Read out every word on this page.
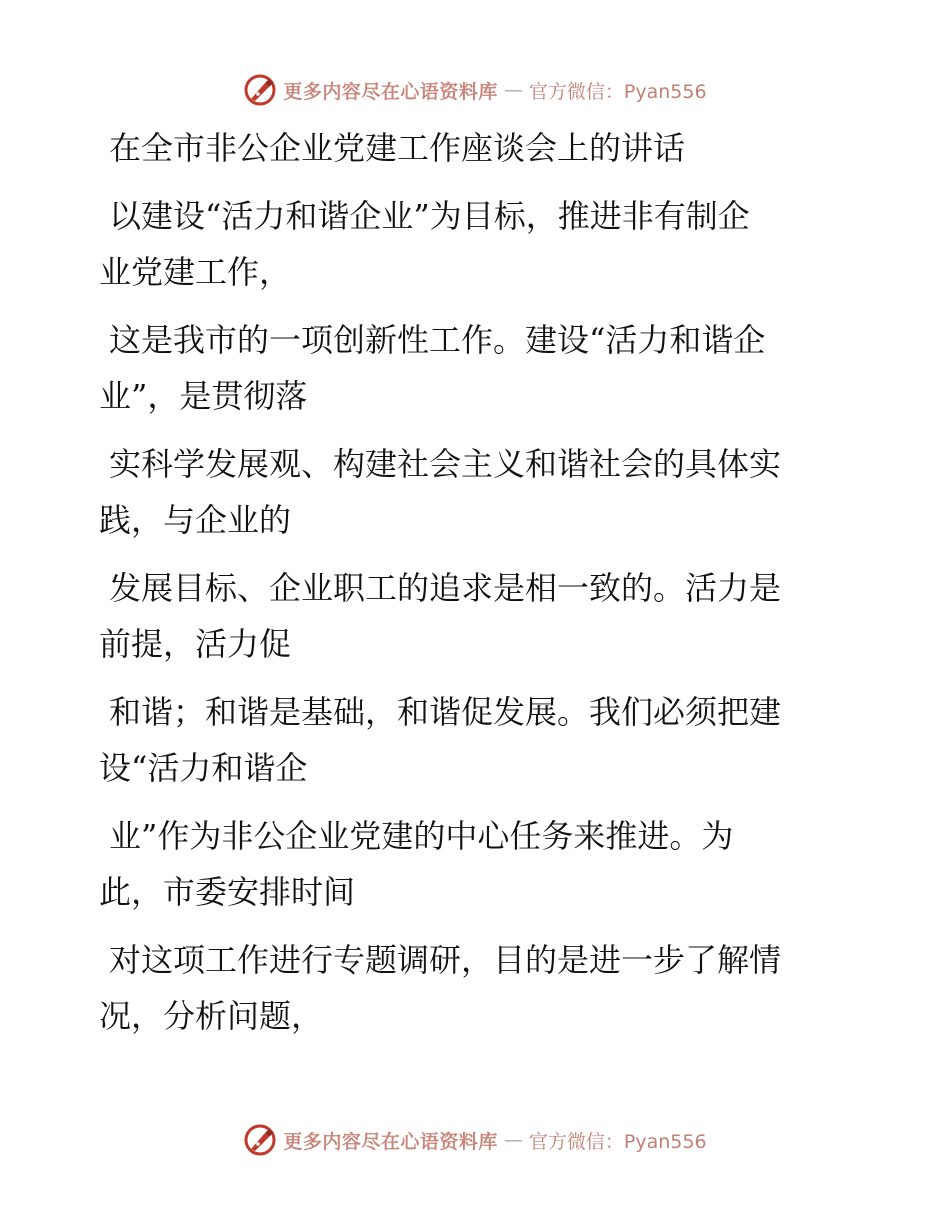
更多内容尽在心语资料库 — 官方微信：Pyan556
在全市非公企业党建工作座谈会上的讲话
以建设“活力和谐企业”为目标，推进非有制企
业党建工作，
这是我市的一项创新性工作。建设“活力和谐企
业”，是贯彻落
实科学发展观、构建社会主义和谐社会的具体实
践，与企业的
发展目标、企业职工的追求是相一致的。活力是
前提，活力促
和谐；和谐是基础，和谐促发展。我们必须把建
设“活力和谐企
业”作为非公企业党建的中心任务来推进。为
此，市委安排时间
对这项工作进行专题调研，目的是进一步了解情
况，分析问题，
更多内容尽在心语资料库 — 官方微信：Pyan556
